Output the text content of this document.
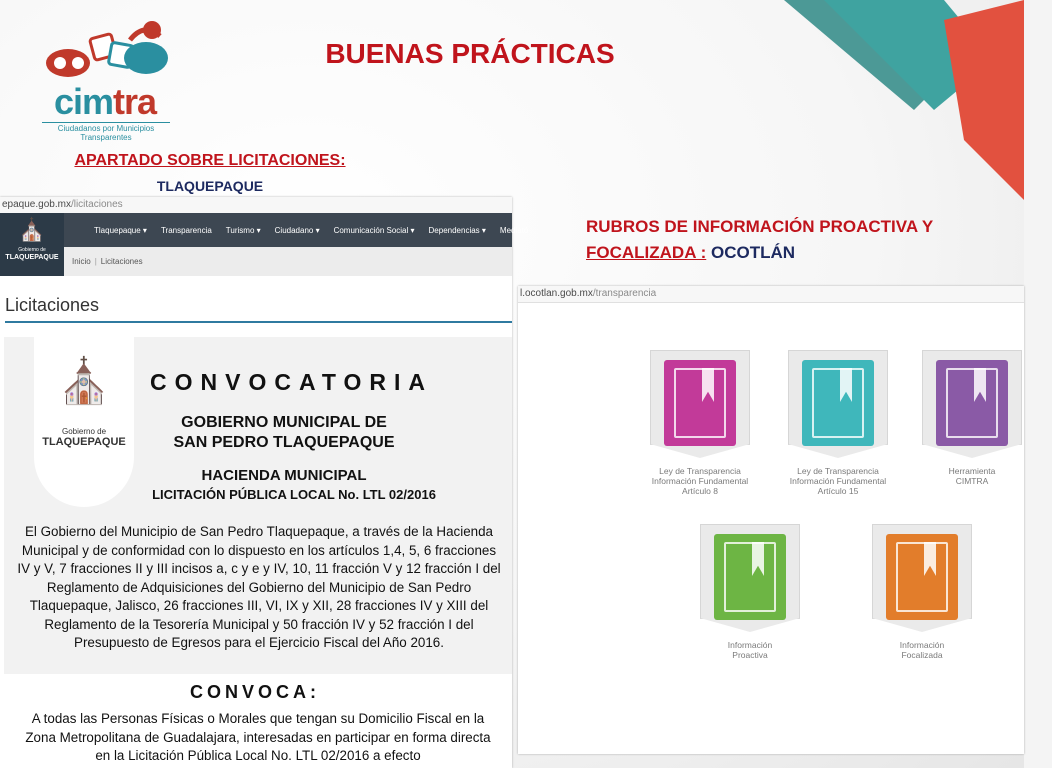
cimtra
Ciudadanos por Municipios Transparentes
BUENAS PRÁCTICAS
APARTADO SOBRE LICITACIONES:
TLAQUEPAQUE
RUBROS DE INFORMACIÓN PROACTIVA Y
FOCALIZADA : OCOTLÁN
epaque.gob.mx/licitaciones
⛪
Gobierno de
TLAQUEPAQUE
Tlaquepaque ▾ Transparencia Turismo ▾ Ciudadano ▾ Comunicación Social ▾ Dependencias ▾ Mediató
Inicio | Licitaciones
Licitaciones
⛪
Gobierno de
TLAQUEPAQUE
CONVOCATORIA
GOBIERNO MUNICIPAL DE
SAN PEDRO TLAQUEPAQUE
HACIENDA MUNICIPAL
LICITACIÓN PÚBLICA LOCAL No. LTL 02/2016
El Gobierno del Municipio de San Pedro Tlaquepaque, a través de la Hacienda Municipal y de conformidad con lo dispuesto en los artículos 1,4, 5, 6 fracciones IV y V, 7 fracciones II y III incisos a, c y e y IV, 10, 11 fracción V y 12 fracción I del Reglamento de Adquisiciones del Gobierno del Municipio de San Pedro Tlaquepaque, Jalisco, 26 fracciones III, VI, IX y XII, 28 fracciones IV y XIII del Reglamento de la Tesorería Municipal y 50 fracción IV y 52 fracción I del Presupuesto de Egresos para el Ejercicio Fiscal del Año 2016.
CONVOCA:
A todas las Personas Físicas o Morales que tengan su Domicilio Fiscal en la Zona Metropolitana de Guadalajara, interesadas en participar en forma directa en la Licitación Pública Local No. LTL 02/2016 a efecto
l.ocotlan.gob.mx/transparencia
Ley de Transparencia
Información Fundamental
Artículo 8
Ley de Transparencia
Información Fundamental
Artículo 15
Herramienta
CIMTRA
Información
Proactiva
Información
Focalizada
